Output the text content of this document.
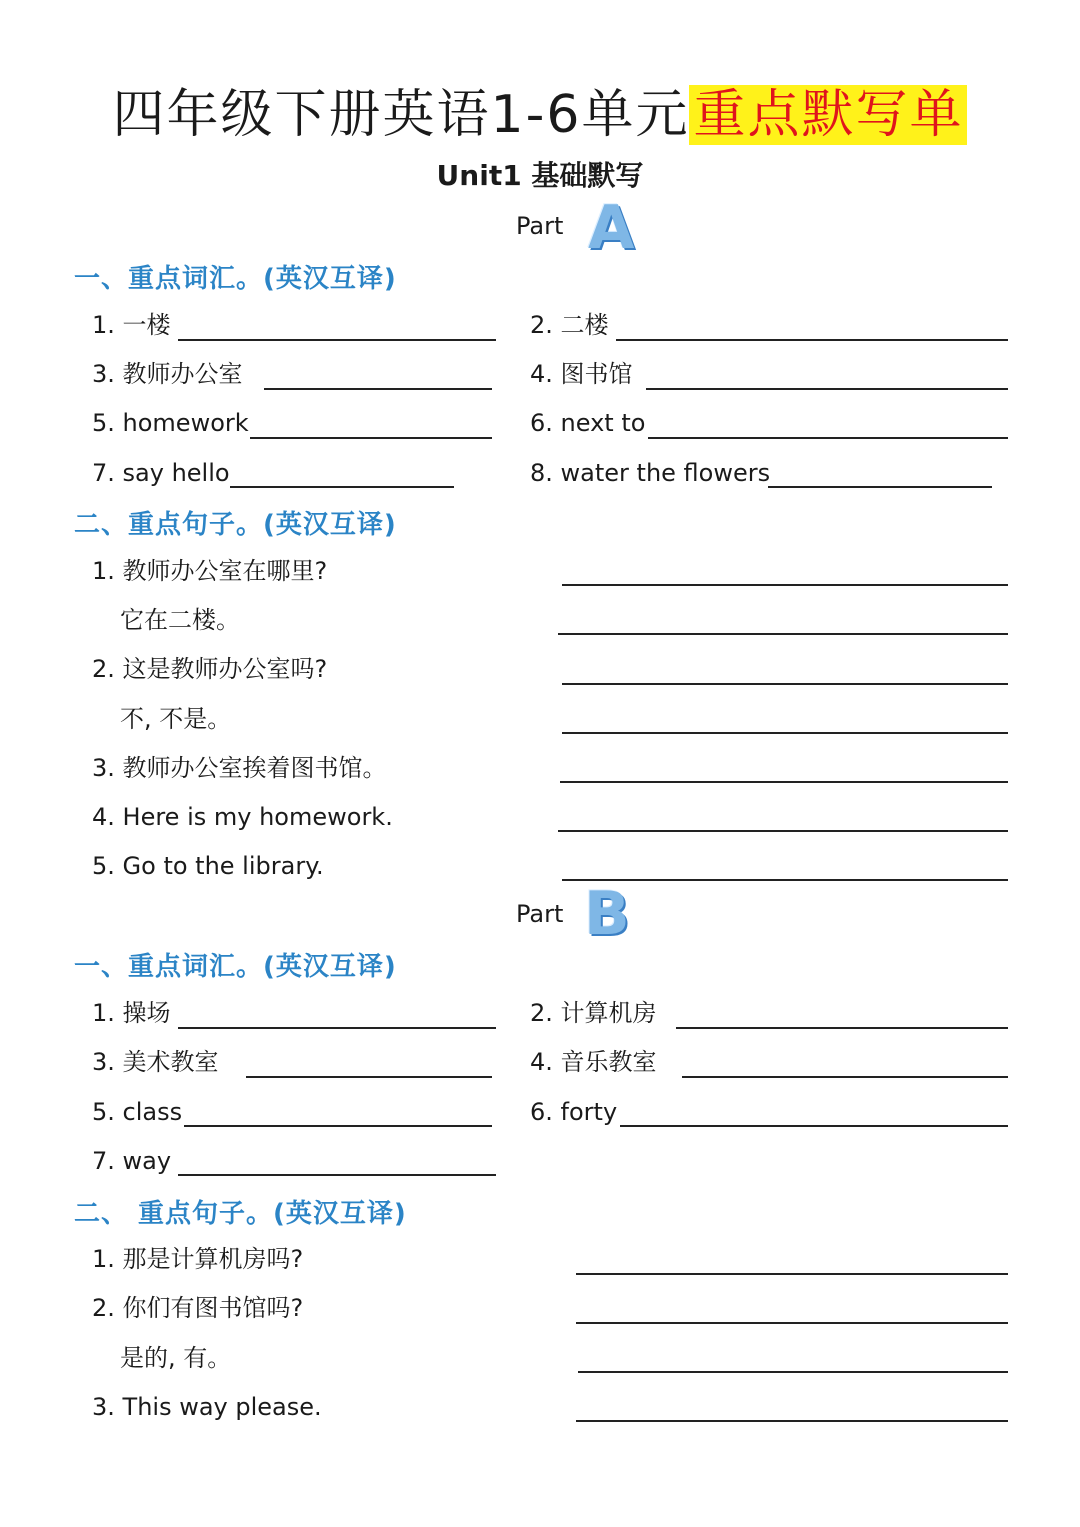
四年级下册英语1-6单元重点默写单
Unit1 基础默写
Part A
一、重点词汇。(英汉互译)
1. 一楼	2. 二楼
3. 教师办公室	4. 图书馆
5. homework	6. next to
7. say hello	8. water the flowers
二、重点句子。(英汉互译)
1. 教师办公室在哪里?
它在二楼。
2. 这是教师办公室吗?
不, 不是。
3. 教师办公室挨着图书馆。
4. Here is my homework.
5. Go to the library.
Part B
一、重点词汇。(英汉互译)
1. 操场	2. 计算机房
3. 美术教室	4. 音乐教室
5. class	6. forty
7. way
二、 重点句子。(英汉互译)
1. 那是计算机房吗?
2. 你们有图书馆吗?
是的, 有。
3. This way please.
